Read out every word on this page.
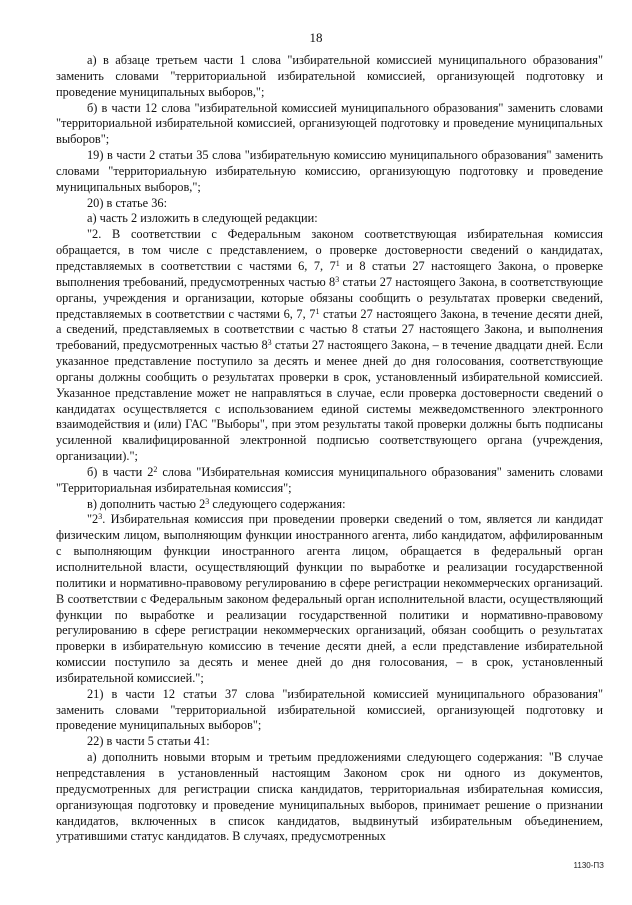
18

а) в абзаце третьем части 1 слова "избирательной комиссией муниципального образования" заменить словами "территориальной избирательной комиссией, организующей подготовку и проведение муниципальных выборов,";

б) в части 12 слова "избирательной комиссией муниципального образования" заменить словами "территориальной избирательной комиссией, организующей подготовку и проведение муниципальных выборов";

19) в части 2 статьи 35 слова "избирательную комиссию муниципального образования" заменить словами "территориальную избирательную комиссию, организующую подготовку и проведение муниципальных выборов,";

20) в статье 36:

а) часть 2 изложить в следующей редакции:

"2. В соответствии с Федеральным законом соответствующая избирательная комиссия обращается, в том числе с представлением, о проверке достоверности сведений о кандидатах, представляемых в соответствии с частями 6, 7, $7^1$ и 8 статьи 27 настоящего Закона, о проверке выполнения требований, предусмотренных частью $8^3$ статьи 27 настоящего Закона, в соответствующие органы, учреждения и организации, которые обязаны сообщить о результатах проверки сведений, представляемых в соответствии с частями 6, 7, $7^1$ статьи 27 настоящего Закона, в течение десяти дней, а сведений, представляемых в соответствии с частью 8 статьи 27 настоящего Закона, и выполнения требований, предусмотренных частью $8^3$ статьи 27 настоящего Закона, – в течение двадцати дней. Если указанное представление поступило за десять и менее дней до дня голосования, соответствующие органы должны сообщить о результатах проверки в срок, установленный избирательной комиссией. Указанное представление может не направляться в случае, если проверка достоверности сведений о кандидатах осуществляется с использованием единой системы межведомственного электронного взаимодействия и (или) ГАС "Выборы", при этом результаты такой проверки должны быть подписаны усиленной квалифицированной электронной подписью соответствующего органа (учреждения, организации).";

б) в части $2^2$ слова "Избирательная комиссия муниципального образования" заменить словами "Территориальная избирательная комиссия";

в) дополнить частью $2^3$ следующего содержания:

"$2^3$. Избирательная комиссия при проведении проверки сведений о том, является ли кандидат физическим лицом, выполняющим функции иностранного агента, либо кандидатом, аффилированным с выполняющим функции иностранного агента лицом, обращается в федеральный орган исполнительной власти, осуществляющий функции по выработке и реализации государственной политики и нормативно-правовому регулированию в сфере регистрации некоммерческих организаций. В соответствии с Федеральным законом федеральный орган исполнительной власти, осуществляющий функции по выработке и реализации государственной политики и нормативно-правовому регулированию в сфере регистрации некоммерческих организаций, обязан сообщить о результатах проверки в избирательную комиссию в течение десяти дней, а если представление избирательной комиссии поступило за десять и менее дней до дня голосования, – в срок, установленный избирательной комиссией.";

21) в части 12 статьи 37 слова "избирательной комиссией муниципального образования" заменить словами "территориальной избирательной комиссией, организующей подготовку и проведение муниципальных выборов";

22) в части 5 статьи 41:

а) дополнить новыми вторым и третьим предложениями следующего содержания: "В случае непредставления в установленный настоящим Законом срок ни одного из документов, предусмотренных для регистрации списка кандидатов, территориальная избирательная комиссия, организующая подготовку и проведение муниципальных выборов, принимает решение о признании кандидатов, включенных в список кандидатов, выдвинутый избирательным объединением, утратившими статус кандидатов. В случаях, предусмотренных

1130-ПЗ
